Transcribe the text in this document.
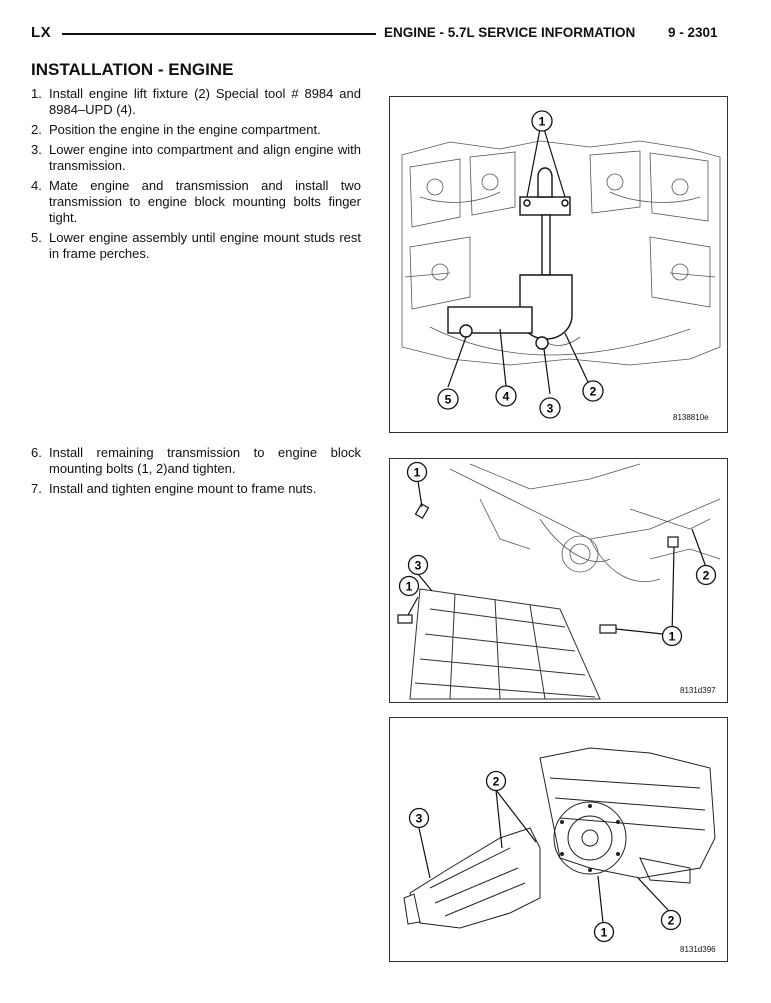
LX	ENGINE - 5.7L SERVICE INFORMATION 9 - 2301
INSTALLATION - ENGINE
1. Install engine lift fixture (2) Special tool # 8984 and 8984–UPD (4).
2. Position the engine in the engine compartment.
3. Lower engine into compartment and align engine with transmission.
4. Mate engine and transmission and install two transmission to engine block mounting bolts finger tight.
5. Lower engine assembly until engine mount studs rest in frame perches.
6. Install remaining transmission to engine block mounting bolts (1, 2)and tighten.
7. Install and tighten engine mount to frame nuts.
1
5	4
3
2
8138810e
1
3
1
2
1
8131d397
2
3
1
2
8131d396
